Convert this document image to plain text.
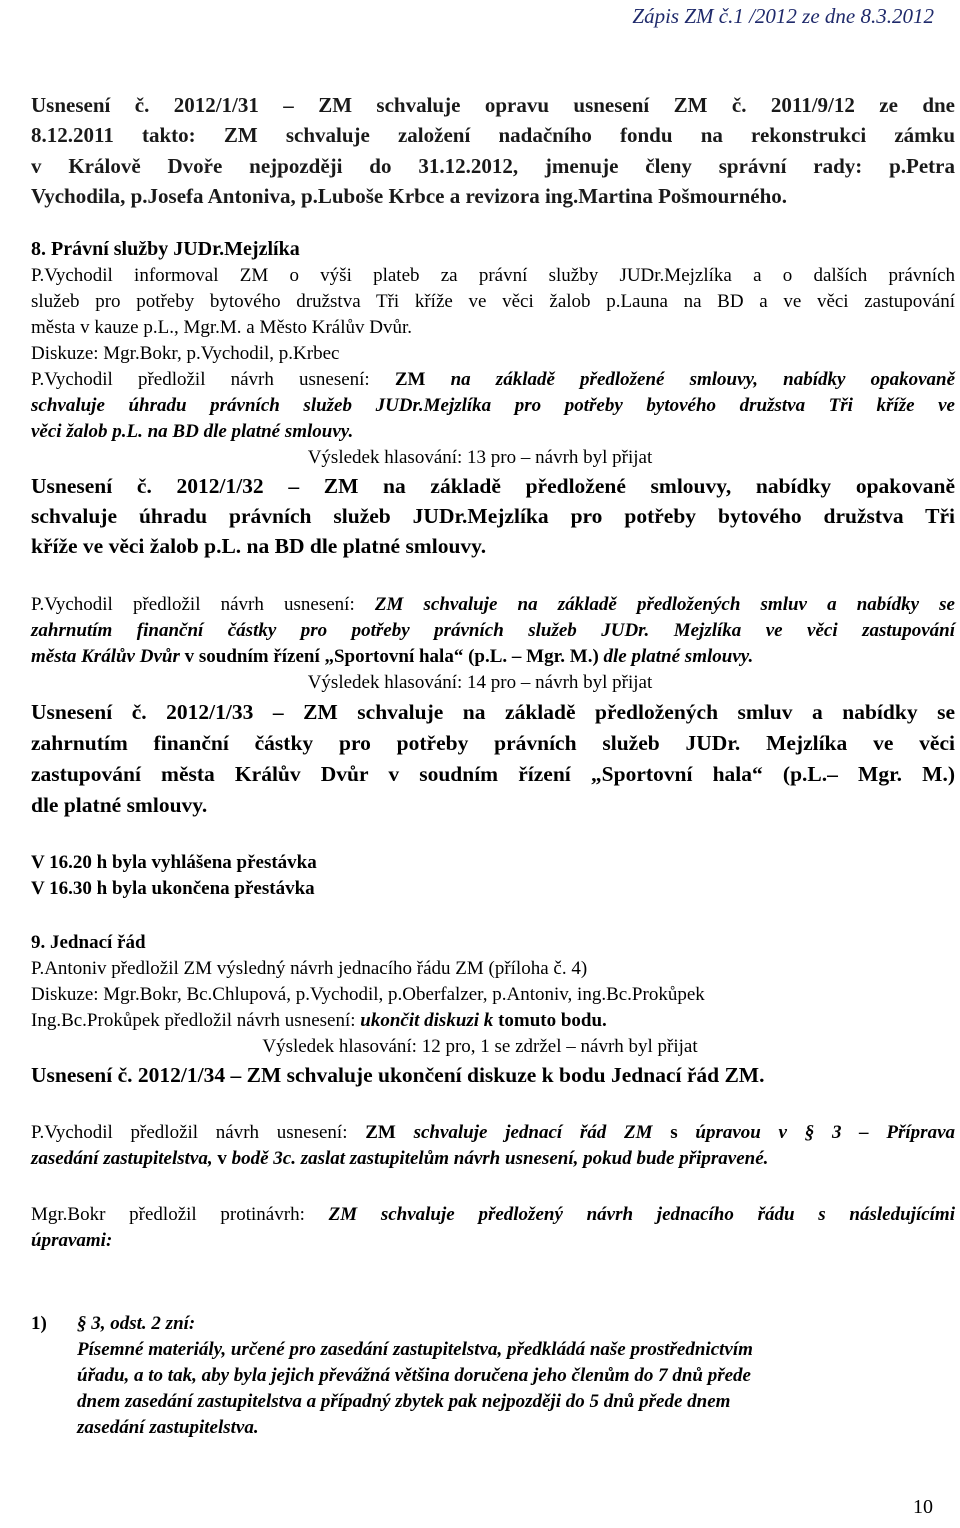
Zápis ZM č.1 /2012 ze dne 8.3.2012
Usnesení č. 2012/1/31 – ZM schvaluje opravu usnesení ZM č. 2011/9/12 ze dne
8.12.2011 takto: ZM schvaluje založení nadačního fondu na rekonstrukci zámku
v Králově Dvoře nejpozději do 31.12.2012, jmenuje členy správní rady: p.Petra
Vychodila, p.Josefa Antoniva, p.Luboše Krbce a revizora ing.Martina Pošmourného.
8. Právní služby JUDr.Mejzlíka
P.Vychodil informoval ZM o výši plateb za právní služby JUDr.Mejzlíka a o dalších právních
služeb pro potřeby bytového družstva Tři kříže ve věci žalob p.Launa na BD a ve věci zastupování
města v kauze p.L., Mgr.M. a Město Králův Dvůr.
Diskuze: Mgr.Bokr, p.Vychodil, p.Krbec
P.Vychodil předložil návrh usnesení: ZM na základě předložené smlouvy, nabídky opakovaně
schvaluje úhradu právních služeb JUDr.Mejzlíka pro potřeby bytového družstva Tři kříže ve
věci žalob p.L. na BD dle platné smlouvy.
Výsledek hlasování: 13 pro – návrh byl přijat
Usnesení č. 2012/1/32 – ZM na základě předložené smlouvy, nabídky opakovaně
schvaluje úhradu právních služeb JUDr.Mejzlíka pro potřeby bytového družstva Tři
kříže ve věci žalob p.L. na BD dle platné smlouvy.
P.Vychodil předložil návrh usnesení: ZM schvaluje na základě předložených smluv a nabídky se
zahrnutím finanční částky pro potřeby právních služeb JUDr. Mejzlíka ve věci zastupování
města Králův Dvůr v soudním řízení „Sportovní hala“ (p.L. – Mgr. M.) dle platné smlouvy.
Výsledek hlasování: 14 pro – návrh byl přijat
Usnesení č. 2012/1/33 – ZM schvaluje na základě předložených smluv a nabídky se
zahrnutím finanční částky pro potřeby právních služeb JUDr. Mejzlíka ve věci
zastupování města Králův Dvůr v soudním řízení „Sportovní hala“ (p.L.– Mgr. M.)
dle platné smlouvy.
V 16.20 h byla vyhlášena přestávka
V 16.30 h byla ukončena přestávka
9. Jednací řád
P.Antoniv předložil ZM výsledný návrh jednacího řádu ZM (příloha č. 4)
Diskuze: Mgr.Bokr, Bc.Chlupová, p.Vychodil, p.Oberfalzer, p.Antoniv, ing.Bc.Prokůpek
Ing.Bc.Prokůpek předložil návrh usnesení: ukončit diskuzi k tomuto bodu.
Výsledek hlasování: 12 pro, 1 se zdržel – návrh byl přijat
Usnesení č. 2012/1/34 – ZM schvaluje ukončení diskuze k bodu Jednací řád ZM.
P.Vychodil předložil návrh usnesení: ZM schvaluje jednací řád ZM s úpravou v § 3 – Příprava
zasedání zastupitelstva, v bodě 3c. zaslat zastupitelům návrh usnesení, pokud bude připravené.
Mgr.Bokr předložil protinávrh: ZM schvaluje předložený návrh jednacího řádu s následujícími
úpravami:
1) § 3, odst. 2 zní:
Písemné materiály, určené pro zasedání zastupitelstva, předkládá naše prostřednictvím
úřadu, a to tak, aby byla jejich převážná většina doručena jeho členům do 7 dnů přede
dnem zasedání zastupitelstva a případný zbytek pak nejpozději do 5 dnů přede dnem
zasedání zastupitelstva.
10
